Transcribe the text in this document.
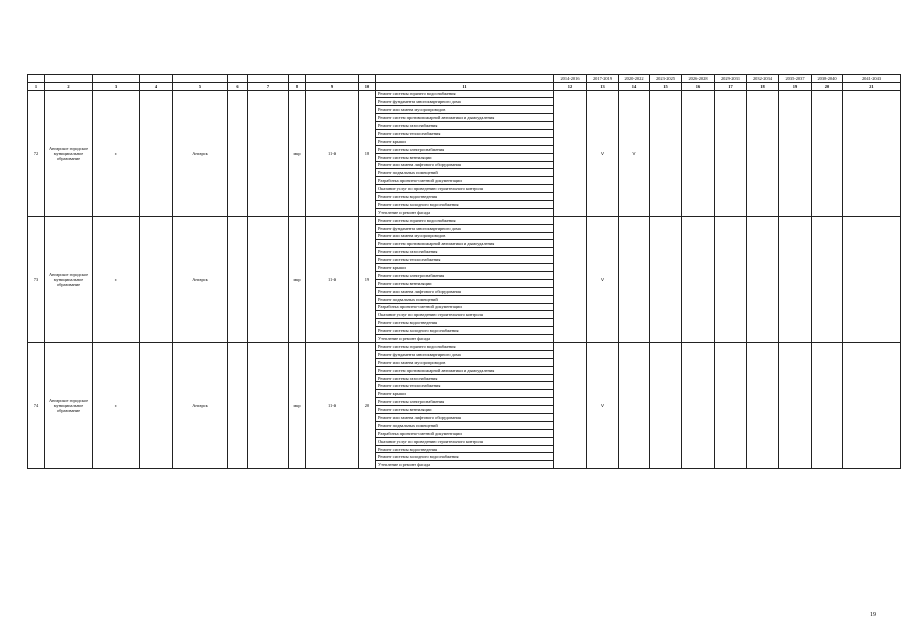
											2014-2016	2017-2019	2020-2022	2023-2025	2026-2028	2029-2031	2032-2034	2035-2037	2038-2040	2041-2043
1	2	3	4	5	6	7	8	9	10	11	12	13	14	15	16	17	18	19	20	21
72	Ангарское городское муниципальное образование	г.		Ангарск			мкр	11-й	18	Ремонт системы горячего водоснабжения		V	V							
										Ремонт фундамента многоквартирного дома										
										Ремонт или замена мусоропроводов										
										Ремонт систем противопожарной автоматики и дымоудаления										
										Ремонт системы газоснабжения										
										Ремонт системы теплоснабжения										
										Ремонт крыши										
										Ремонт системы электроснабжения										
										Ремонт системы вентиляции										
										Ремонт или замена лифтового оборудования										
										Ремонт подвальных помещений										
										Разработка проектно-сметной документации										
										Оказание услуг по проведению строительного контроля										
										Ремонт системы водоотведения										
										Ремонт системы холодного водоснабжения										
										Утепление и ремонт фасада										
73	Ангарское городское муниципальное образование	г.		Ангарск			мкр	11-й	19	Ремонт системы горячего водоснабжения		V								
										Ремонт фундамента многоквартирного дома										
										Ремонт или замена мусоропроводов										
										Ремонт систем противопожарной автоматики и дымоудаления										
										Ремонт системы газоснабжения										
										Ремонт системы теплоснабжения										
										Ремонт крыши										
										Ремонт системы электроснабжения										
										Ремонт системы вентиляции										
										Ремонт или замена лифтового оборудования										
										Ремонт подвальных помещений										
										Разработка проектно-сметной документации										
										Оказание услуг по проведению строительного контроля										
										Ремонт системы водоотведения										
										Ремонт системы холодного водоснабжения										
										Утепление и ремонт фасада										
74	Ангарское городское муниципальное образование	г.		Ангарск			мкр	11-й	20	Ремонт системы горячего водоснабжения		V								
										Ремонт фундамента многоквартирного дома										
										Ремонт или замена мусоропроводов										
										Ремонт систем противопожарной автоматики и дымоудаления										
										Ремонт системы газоснабжения										
										Ремонт системы теплоснабжения										
										Ремонт крыши										
										Ремонт системы электроснабжения										
										Ремонт системы вентиляции										
										Ремонт или замена лифтового оборудования										
										Ремонт подвальных помещений										
										Разработка проектно-сметной документации										
										Оказание услуг по проведению строительного контроля										
										Ремонт системы водоотведения										
										Ремонт системы холодного водоснабжения										
										Утепление и ремонт фасада										
19
